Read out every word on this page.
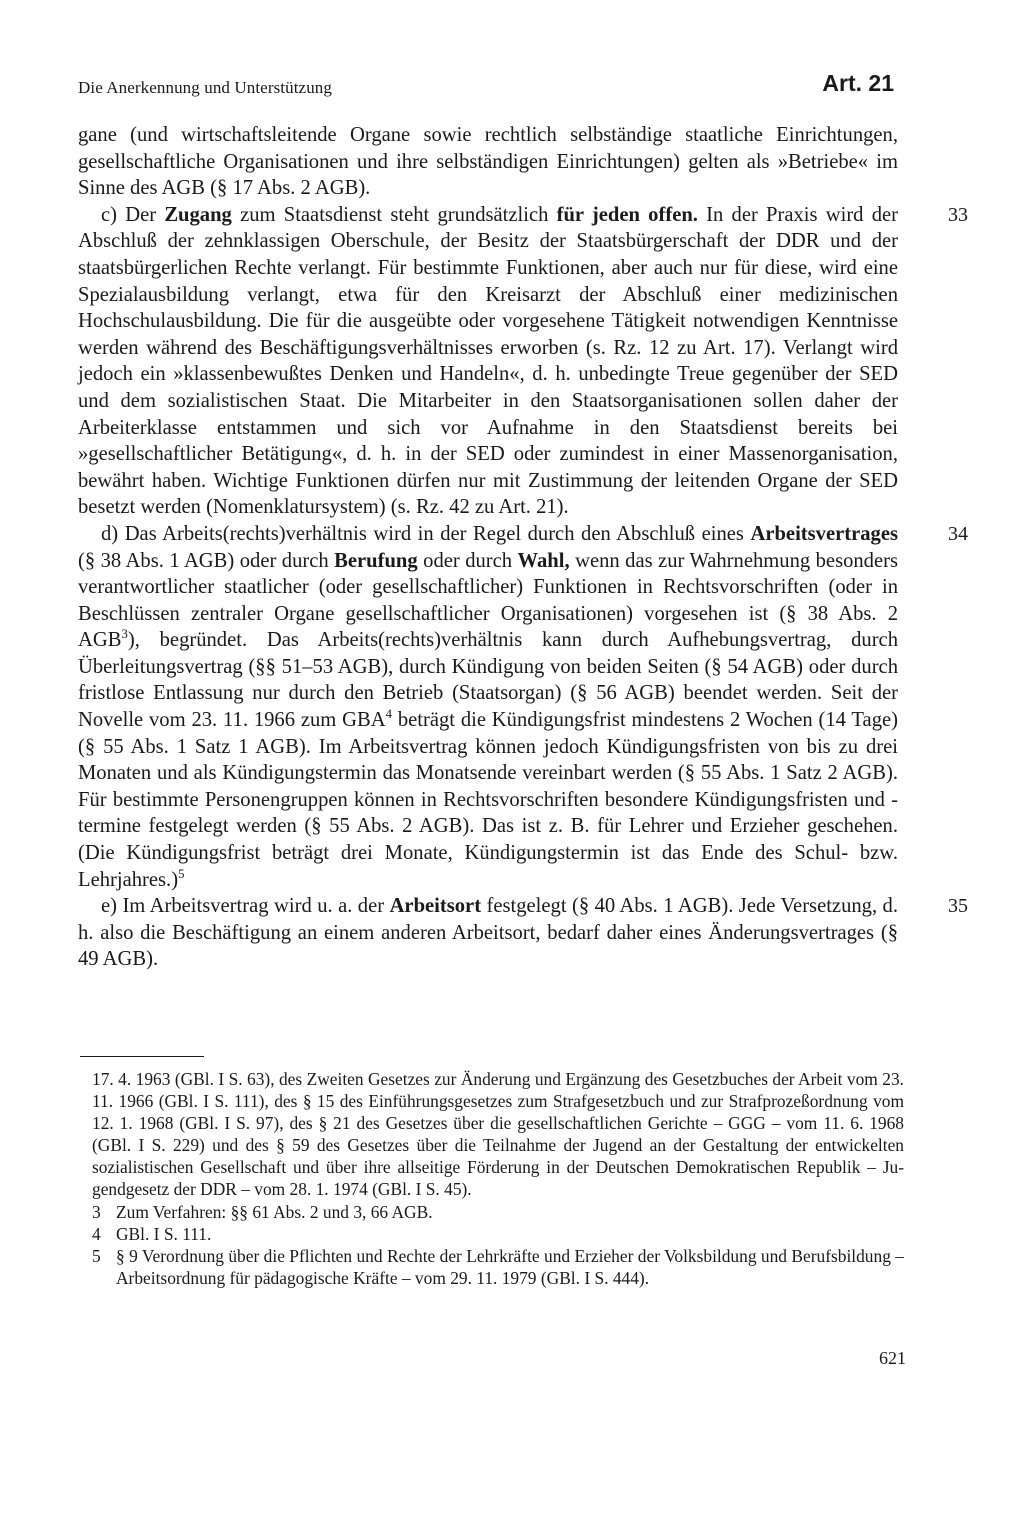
Die Anerkennung und Unterstützung	Art. 21

gane (und wirtschaftsleitende Organe sowie rechtlich selbständige staatliche Einrichtungen, gesellschaftliche Organisationen und ihre selbständigen Einrichtungen) gelten als »Betriebe« im Sinne des AGB (§ 17 Abs. 2 AGB).

33
c) Der Zugang zum Staatsdienst steht grundsätzlich für jeden offen. In der Praxis wird der Abschluß der zehnklassigen Oberschule, der Besitz der Staatsbürgerschaft der DDR und der staatsbürgerlichen Rechte verlangt. Für bestimmte Funktionen, aber auch nur für diese, wird eine Spezialausbildung verlangt, etwa für den Kreisarzt der Abschluß einer medizinischen Hochschulausbildung. Die für die ausgeübte oder vorgesehene Tätigkeit notwendigen Kenntnisse werden während des Beschäftigungsverhältnisses erworben (s. Rz. 12 zu Art. 17). Verlangt wird jedoch ein »klassenbewußtes Denken und Handeln«, d. h. unbedingte Treue gegenüber der SED und dem sozialistischen Staat. Die Mitarbeiter in den Staatsorganisationen sollen daher der Arbeiterklasse entstammen und sich vor Aufnahme in den Staatsdienst bereits bei »gesellschaftlicher Betätigung«, d. h. in der SED oder zumindest in einer Massenorganisation, bewährt haben. Wichtige Funktionen dürfen nur mit Zustimmung der leitenden Organe der SED besetzt werden (Nomenklatursystem) (s. Rz. 42 zu Art. 21).

34
d) Das Arbeits(rechts)verhältnis wird in der Regel durch den Abschluß eines Arbeitsvertrages (§ 38 Abs. 1 AGB) oder durch Berufung oder durch Wahl, wenn das zur Wahrnehmung besonders verantwortlicher staatlicher (oder gesellschaftlicher) Funktionen in Rechtsvorschriften (oder in Beschlüssen zentraler Organe gesellschaftlicher Organisationen) vorgesehen ist (§ 38 Abs. 2 AGB$^3$), begründet. Das Arbeits(rechts)verhältnis kann durch Aufhebungsvertrag, durch Überleitungsvertrag (§§ 51–53 AGB), durch Kündigung von beiden Seiten (§ 54 AGB) oder durch fristlose Entlassung nur durch den Betrieb (Staatsorgan) (§ 56 AGB) beendet werden. Seit der Novelle vom 23. 11. 1966 zum GBA$^4$ beträgt die Kündigungsfrist mindestens 2 Wochen (14 Tage) (§ 55 Abs. 1 Satz 1 AGB). Im Arbeitsvertrag können jedoch Kündigungsfristen von bis zu drei Monaten und als Kündigungstermin das Monatsende vereinbart werden (§ 55 Abs. 1 Satz 2 AGB). Für bestimmte Personengruppen können in Rechtsvorschriften besondere Kündigungsfristen und -termine festgelegt werden (§ 55 Abs. 2 AGB). Das ist z. B. für Lehrer und Erzieher geschehen. (Die Kündigungsfrist beträgt drei Monate, Kündigungstermin ist das Ende des Schul- bzw. Lehrjahres.)$^5$

35
e) Im Arbeitsvertrag wird u. a. der Arbeitsort festgelegt (§ 40 Abs. 1 AGB). Jede Versetzung, d. h. also die Beschäftigung an einem anderen Arbeitsort, bedarf daher eines Änderungsvertrages (§ 49 AGB).

17. 4. 1963 (GBl. I S. 63), des Zweiten Gesetzes zur Änderung und Ergänzung des Gesetzbuches der Arbeit vom 23. 11. 1966 (GBl. I S. 111), des § 15 des Einführungsgesetzes zum Strafgesetzbuch und zur Strafprozeßordnung vom 12. 1. 1968 (GBl. I S. 97), des § 21 des Gesetzes über die gesellschaftlichen Gerichte – GGG – vom 11. 6. 1968 (GBl. I S. 229) und des § 59 des Gesetzes über die Teilnahme der Jugend an der Gestaltung der entwickelten sozialistischen Gesellschaft und über ihre allseitige Förderung in der Deutschen Demokratischen Republik – Jugendgesetz der DDR – vom 28. 1. 1974 (GBl. I S. 45).

3 Zum Verfahren: §§ 61 Abs. 2 und 3, 66 AGB.

4 GBl. I S. 111.

5 § 9 Verordnung über die Pflichten und Rechte der Lehrkräfte und Erzieher der Volksbildung und Berufsbildung – Arbeitsordnung für pädagogische Kräfte – vom 29. 11. 1979 (GBl. I S. 444).

621
